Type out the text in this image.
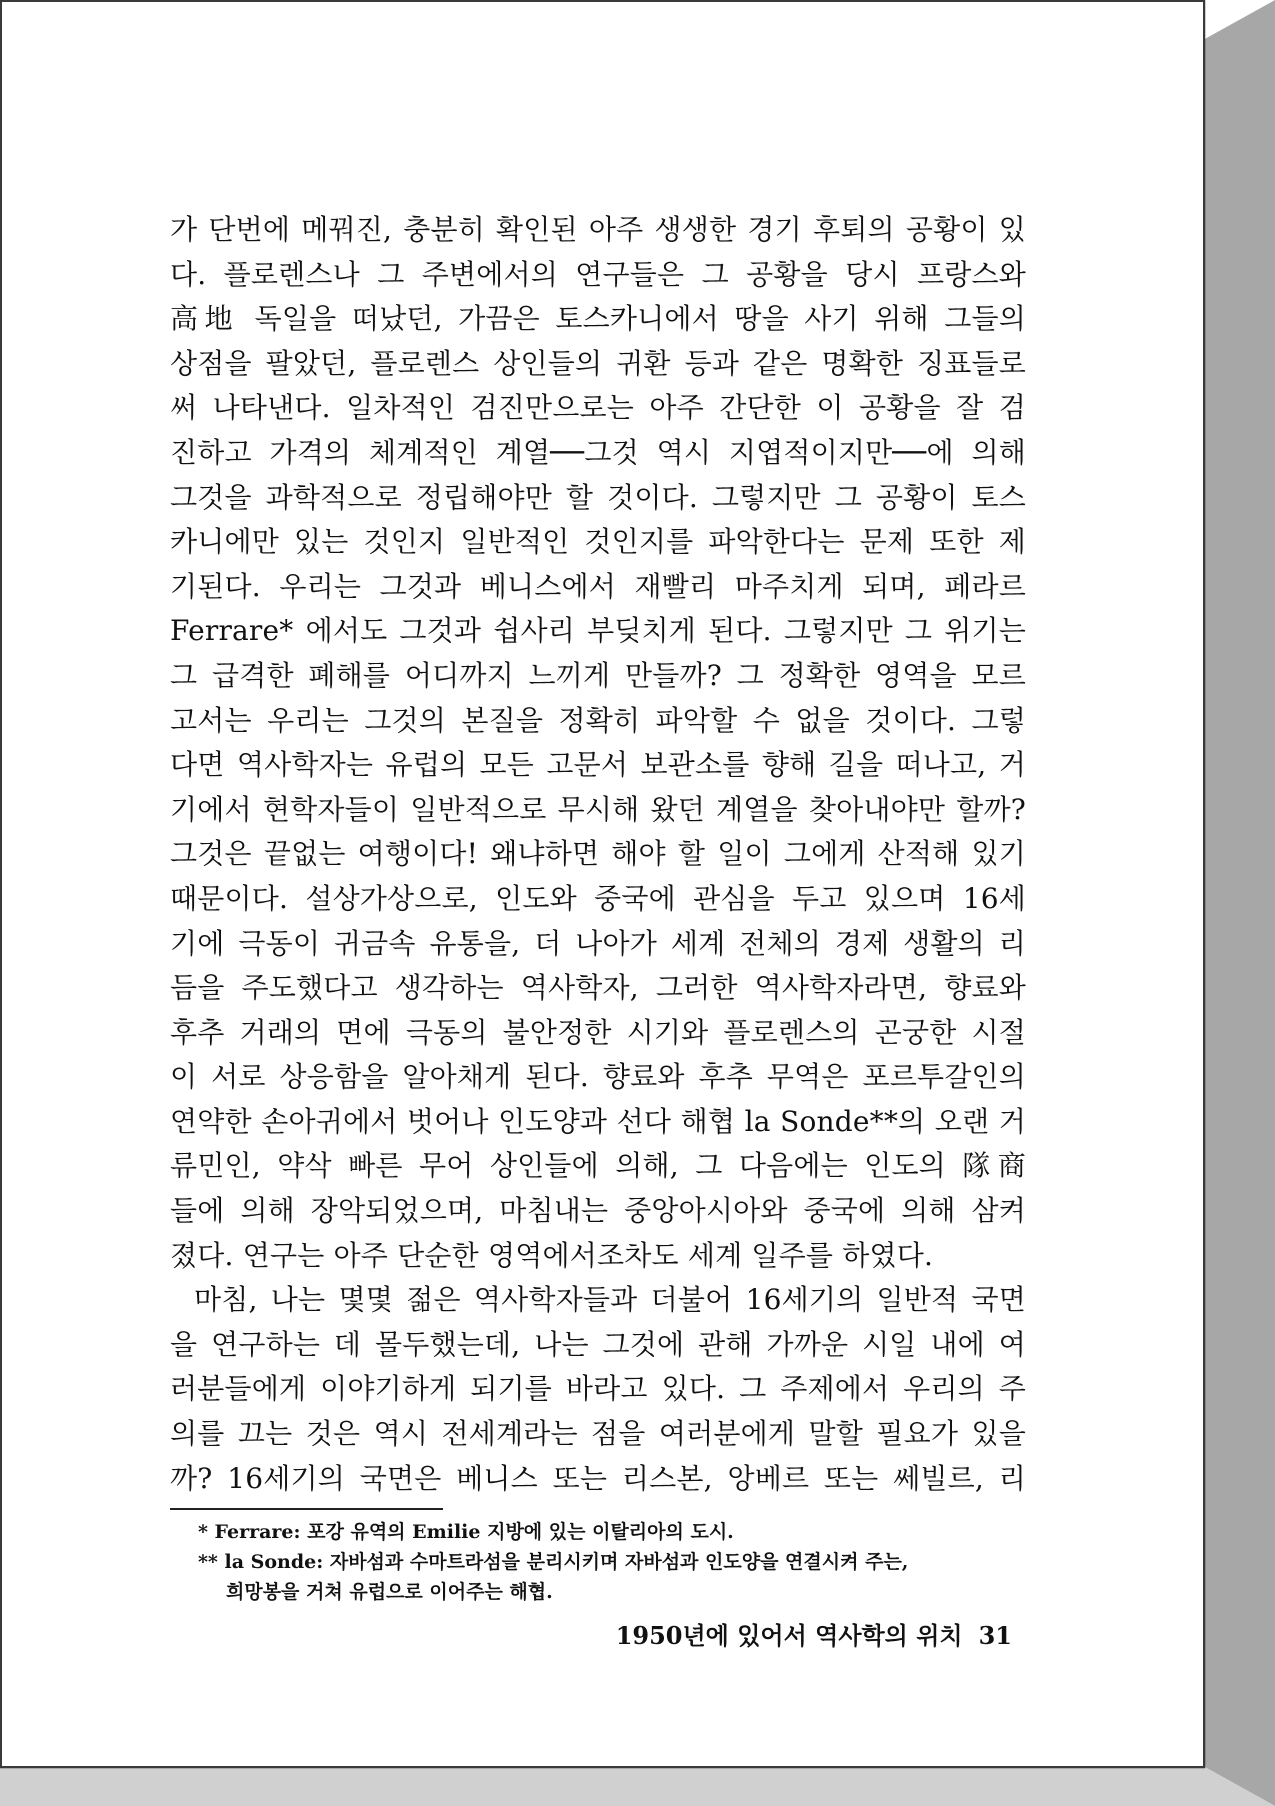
가 단번에 메꿔진, 충분히 확인된 아주 생생한 경기 후퇴의 공황이 있
다. 플로렌스나 그 주변에서의 연구들은 그 공황을 당시 프랑스와
高地 독일을 떠났던, 가끔은 토스카니에서 땅을 사기 위해 그들의
상점을 팔았던, 플로렌스 상인들의 귀환 등과 같은 명확한 징표들로
써 나타낸다. 일차적인 검진만으로는 아주 간단한 이 공황을 잘 검
진하고 가격의 체계적인 계열──그것 역시 지엽적이지만──에 의해
그것을 과학적으로 정립해야만 할 것이다. 그렇지만 그 공황이 토스
카니에만 있는 것인지 일반적인 것인지를 파악한다는 문제 또한 제
기된다. 우리는 그것과 베니스에서 재빨리 마주치게 되며, 페라르
Ferrare* 에서도 그것과 쉽사리 부딪치게 된다. 그렇지만 그 위기는
그 급격한 폐해를 어디까지 느끼게 만들까? 그 정확한 영역을 모르
고서는 우리는 그것의 본질을 정확히 파악할 수 없을 것이다. 그렇
다면 역사학자는 유럽의 모든 고문서 보관소를 향해 길을 떠나고, 거
기에서 현학자들이 일반적으로 무시해 왔던 계열을 찾아내야만 할까?
그것은 끝없는 여행이다! 왜냐하면 해야 할 일이 그에게 산적해 있기
때문이다. 설상가상으로, 인도와 중국에 관심을 두고 있으며 16세
기에 극동이 귀금속 유통을, 더 나아가 세계 전체의 경제 생활의 리
듬을 주도했다고 생각하는 역사학자, 그러한 역사학자라면, 향료와
후추 거래의 면에 극동의 불안정한 시기와 플로렌스의 곤궁한 시절
이 서로 상응함을 알아채게 된다. 향료와 후추 무역은 포르투갈인의
연약한 손아귀에서 벗어나 인도양과 선다 해협 la Sonde**의 오랜 거
류민인, 약삭 빠른 무어 상인들에 의해, 그 다음에는 인도의 隊商
들에 의해 장악되었으며, 마침내는 중앙아시아와 중국에 의해 삼켜
졌다. 연구는 아주 단순한 영역에서조차도 세계 일주를 하였다.
마침, 나는 몇몇 젊은 역사학자들과 더불어 16세기의 일반적 국면
을 연구하는 데 몰두했는데, 나는 그것에 관해 가까운 시일 내에 여
러분들에게 이야기하게 되기를 바라고 있다. 그 주제에서 우리의 주
의를 끄는 것은 역시 전세계라는 점을 여러분에게 말할 필요가 있을
까? 16세기의 국면은 베니스 또는 리스본, 앙베르 또는 쎄빌르, 리
* Ferrare: 포강 유역의 Emilie 지방에 있는 이탈리아의 도시.
** la Sonde: 자바섬과 수마트라섬을 분리시키며 자바섬과 인도양을 연결시켜 주는,
희망봉을 거쳐 유럽으로 이어주는 해협.
1950년에 있어서 역사학의 위치 31
